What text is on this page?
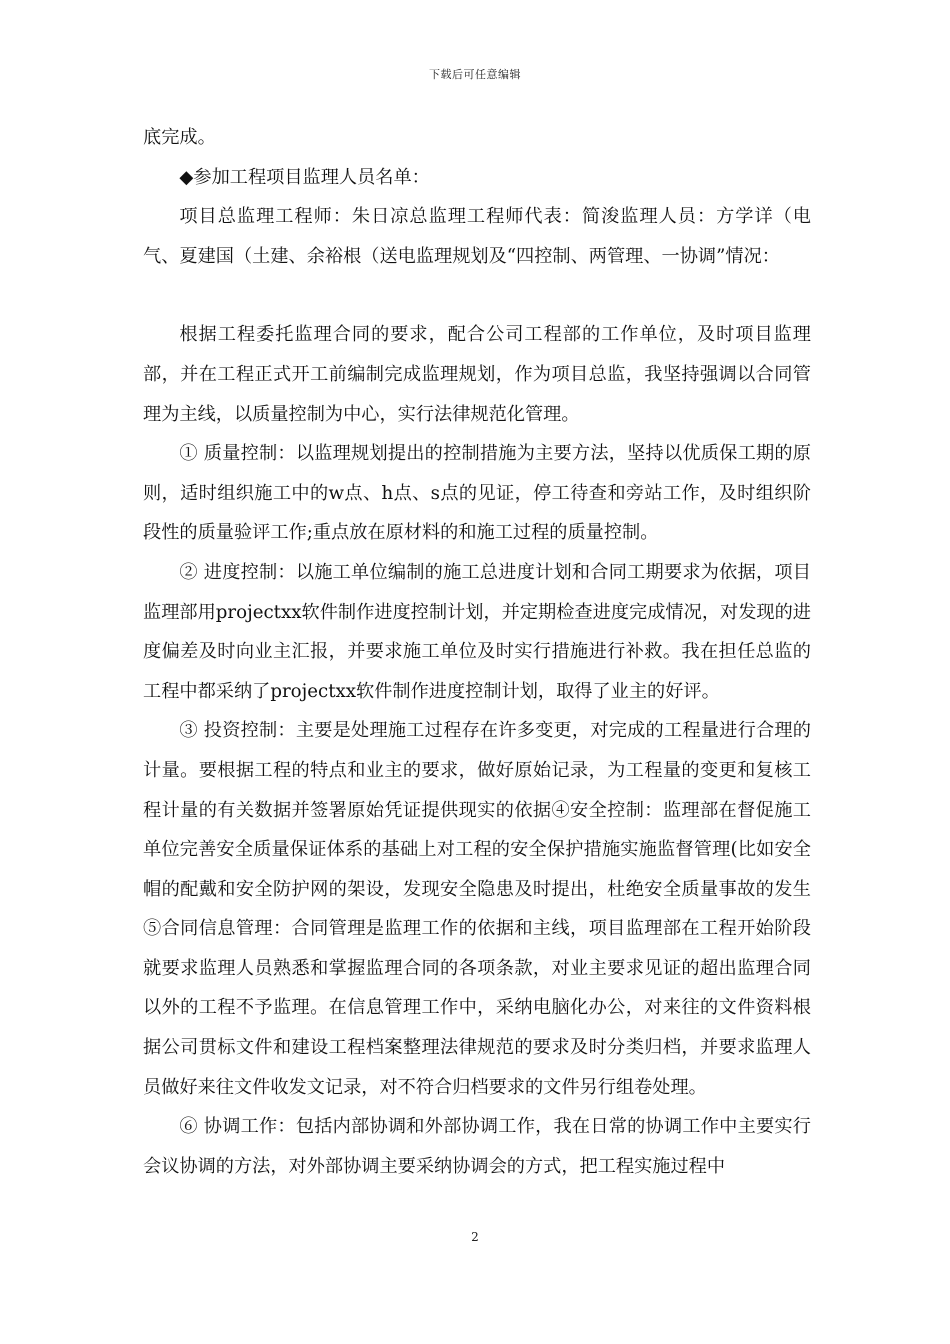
下载后可任意编辑

底完成。

◆参加工程项目监理人员名单：

项目总监理工程师：朱日凉总监理工程师代表：简浚监理人员：方学详（电气、夏建国（土建、余裕根（送电监理规划及“四控制、两管理、一协调”情况：

根据工程委托监理合同的要求，配合公司工程部的工作单位，及时项目监理部，并在工程正式开工前编制完成监理规划，作为项目总监，我坚持强调以合同管理为主线，以质量控制为中心，实行法律规范化管理。

① 质量控制：以监理规划提出的控制措施为主要方法，坚持以优质保工期的原则，适时组织施工中的w点、h点、s点的见证，停工待查和旁站工作，及时组织阶段性的质量验评工作;重点放在原材料的和施工过程的质量控制。

② 进度控制：以施工单位编制的施工总进度计划和合同工期要求为依据，项目监理部用projectxx软件制作进度控制计划，并定期检查进度完成情况，对发现的进度偏差及时向业主汇报，并要求施工单位及时实行措施进行补救。我在担任总监的工程中都采纳了projectxx软件制作进度控制计划，取得了业主的好评。

③ 投资控制：主要是处理施工过程存在许多变更，对完成的工程量进行合理的计量。要根据工程的特点和业主的要求，做好原始记录，为工程量的变更和复核工程计量的有关数据并签署原始凭证提供现实的依据④安全控制：监理部在督促施工单位完善安全质量保证体系的基础上对工程的安全保护措施实施监督管理(比如安全帽的配戴和安全防护网的架设，发现安全隐患及时提出，杜绝安全质量事故的发生⑤合同信息管理：合同管理是监理工作的依据和主线，项目监理部在工程开始阶段就要求监理人员熟悉和掌握监理合同的各项条款，对业主要求见证的超出监理合同以外的工程不予监理。在信息管理工作中，采纳电脑化办公，对来往的文件资料根据公司贯标文件和建设工程档案整理法律规范的要求及时分类归档，并要求监理人员做好来往文件收发文记录，对不符合归档要求的文件另行组卷处理。

⑥ 协调工作：包括内部协调和外部协调工作，我在日常的协调工作中主要实行会议协调的方法，对外部协调主要采纳协调会的方式，把工程实施过程中

2
